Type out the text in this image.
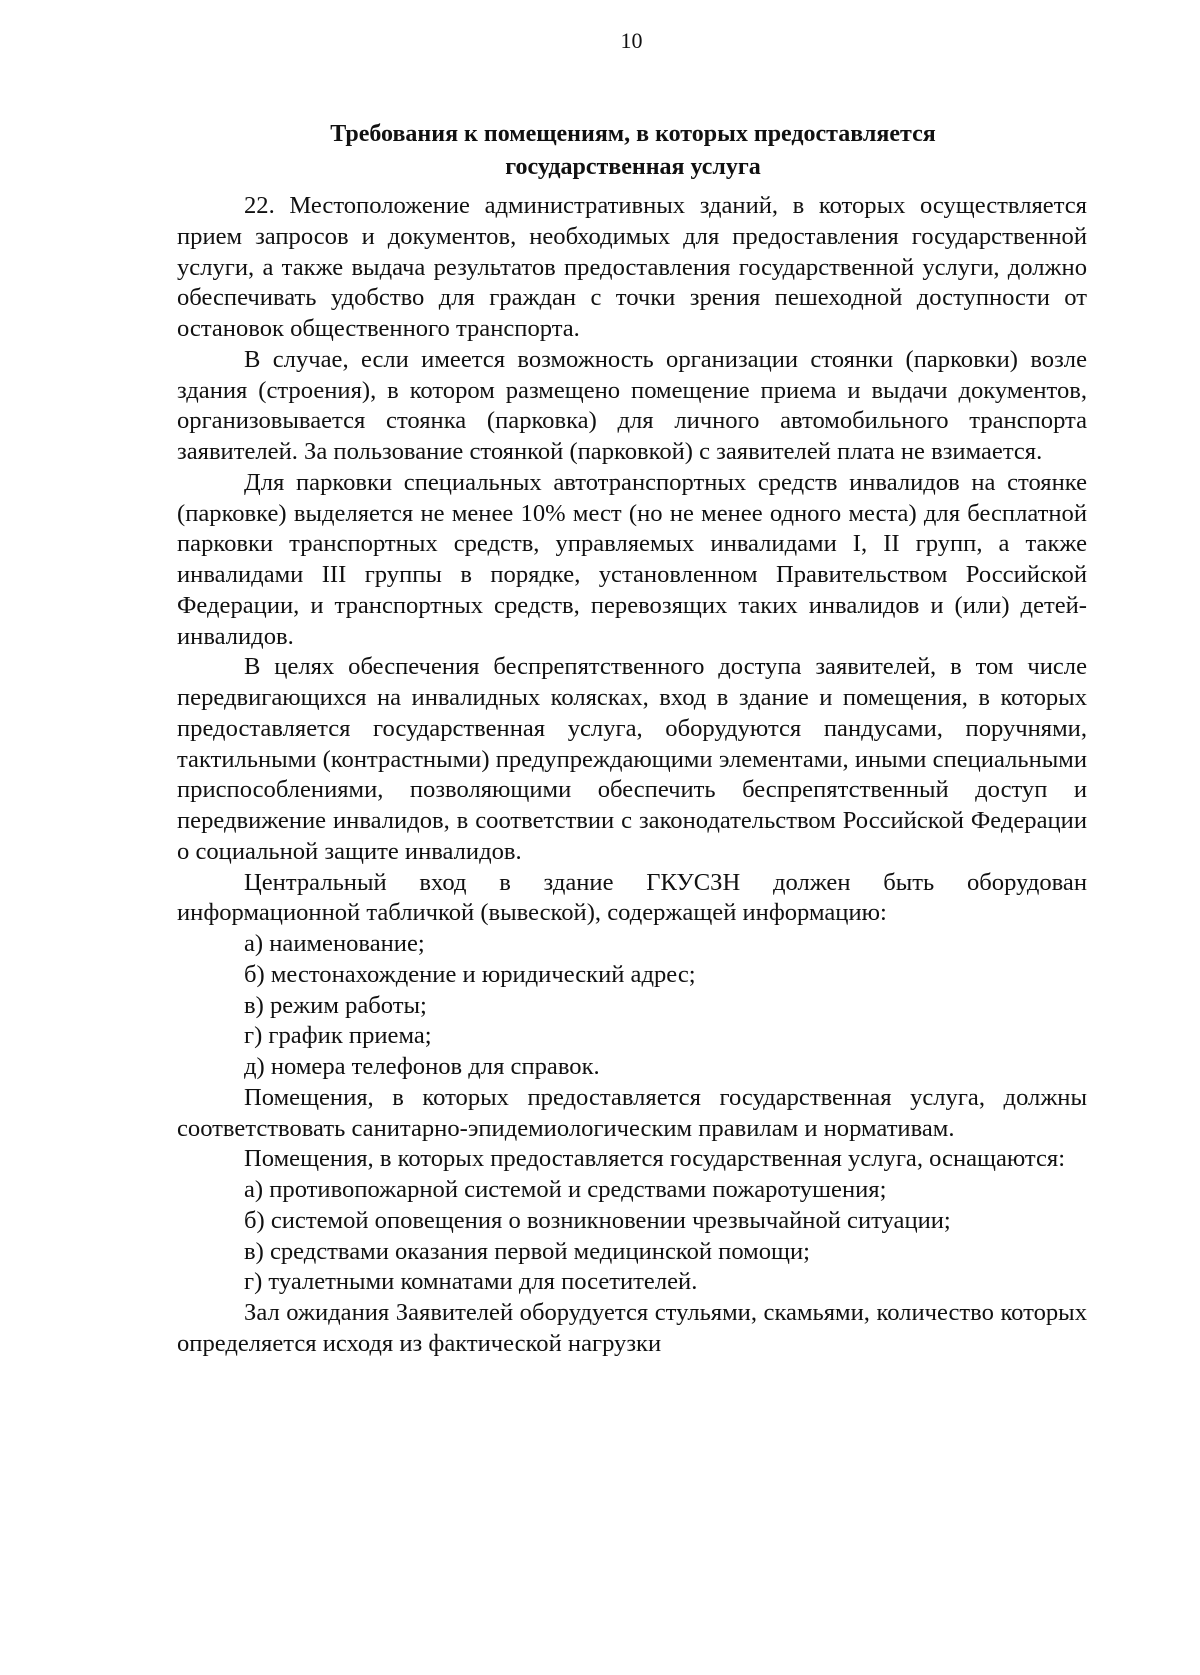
10
Требования к помещениям, в которых предоставляется
государственная услуга

22. Местоположение административных зданий, в которых осуществляется прием запросов и документов, необходимых для предоставления государственной услуги, а также выдача результатов предоставления государственной услуги, должно обеспечивать удобство для граждан с точки зрения пешеходной доступности от остановок общественного транспорта.

В случае, если имеется возможность организации стоянки (парковки) возле здания (строения), в котором размещено помещение приема и выдачи документов, организовывается стоянка (парковка) для личного автомобильного транспорта заявителей. За пользование стоянкой (парковкой) с заявителей плата не взимается.

Для парковки специальных автотранспортных средств инвалидов на стоянке (парковке) выделяется не менее 10% мест (но не менее одного места) для бесплатной парковки транспортных средств, управляемых инвалидами I, II групп, а также инвалидами III группы в порядке, установленном Правительством Российской Федерации, и транспортных средств, перевозящих таких инвалидов и (или) детей-инвалидов.

В целях обеспечения беспрепятственного доступа заявителей, в том числе передвигающихся на инвалидных колясках, вход в здание и помещения, в которых предоставляется государственная услуга, оборудуются пандусами, поручнями, тактильными (контрастными) предупреждающими элементами, иными специальными приспособлениями, позволяющими обеспечить беспрепятственный доступ и передвижение инвалидов, в соответствии с законодательством Российской Федерации о социальной защите инвалидов.

Центральный вход в здание ГКУСЗН должен быть оборудован информационной табличкой (вывеской), содержащей информацию:

а) наименование;

б) местонахождение и юридический адрес;

в) режим работы;

г) график приема;

д) номера телефонов для справок.

Помещения, в которых предоставляется государственная услуга, должны соответствовать санитарно-эпидемиологическим правилам и нормативам.

Помещения, в которых предоставляется государственная услуга, оснащаются:

а) противопожарной системой и средствами пожаротушения;

б) системой оповещения о возникновении чрезвычайной ситуации;

в) средствами оказания первой медицинской помощи;

г) туалетными комнатами для посетителей.

Зал ожидания Заявителей оборудуется стульями, скамьями, количество которых определяется исходя из фактической нагрузки
